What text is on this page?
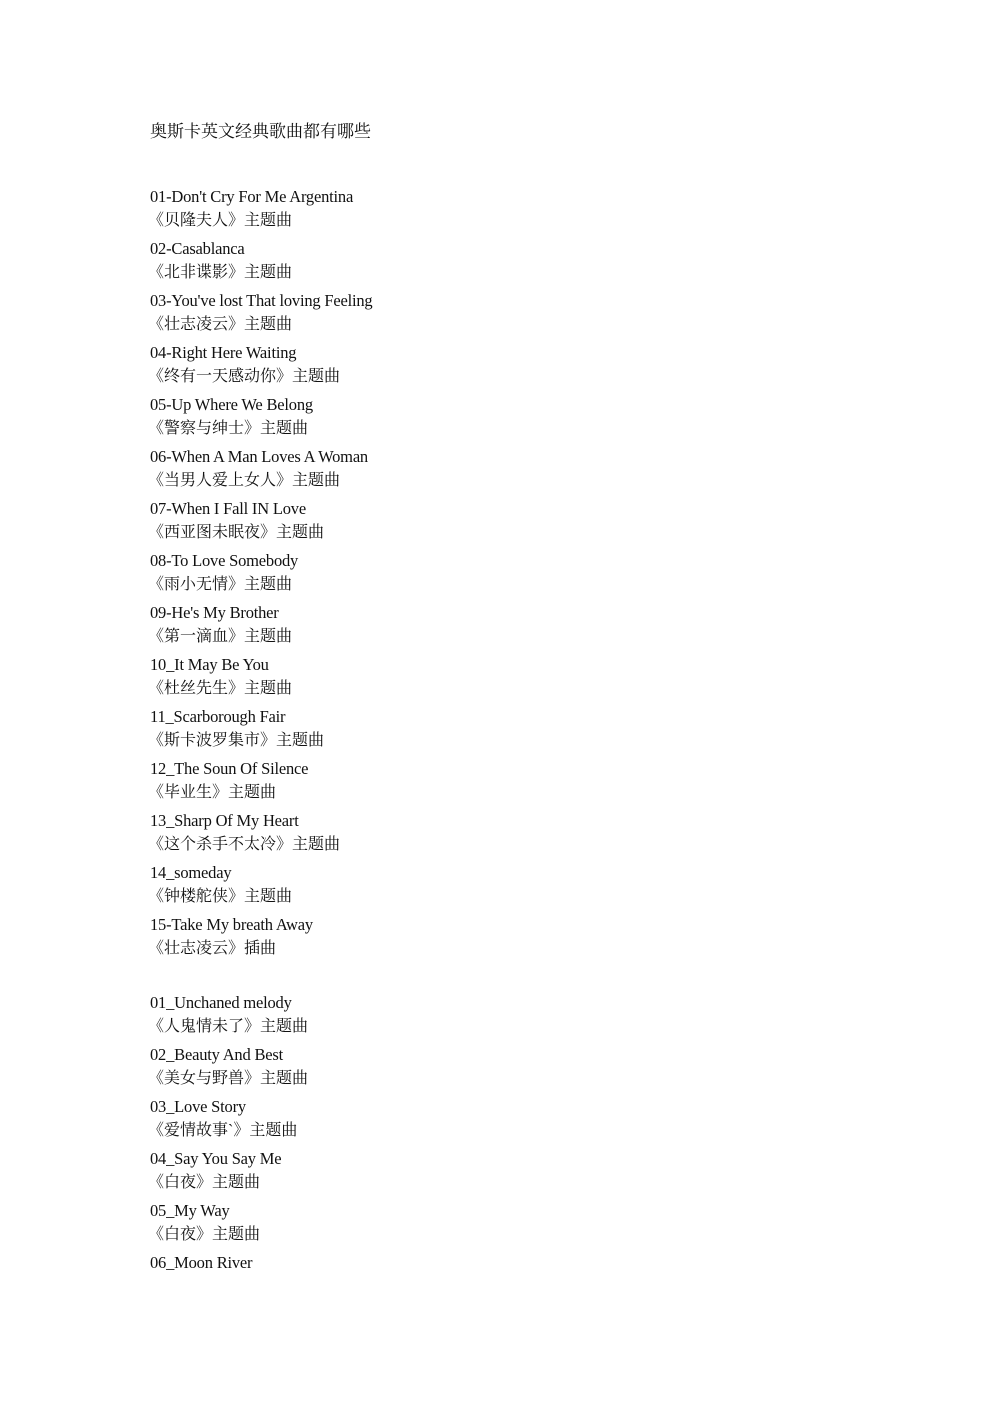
奥斯卡英文经典歌曲都有哪些
01-Don't Cry For Me Argentina
《贝隆夫人》主题曲
02-Casablanca
《北非谍影》主题曲
03-You've lost That loving Feeling
《壮志凌云》主题曲
04-Right Here Waiting
《终有一天感动你》主题曲
05-Up Where We Belong
《警察与绅士》主题曲
06-When A Man Loves A Woman
《当男人爱上女人》主题曲
07-When I Fall IN Love
《西亚图未眠夜》主题曲
08-To Love Somebody
《雨小无情》主题曲
09-He's My Brother
《第一滴血》主题曲
10_It May Be You
《杜丝先生》主题曲
11_Scarborough Fair
《斯卡波罗集市》主题曲
12_The Soun Of Silence
《毕业生》主题曲
13_Sharp Of My Heart
《这个杀手不太冷》主题曲
14_someday
《钟楼舵侠》主题曲
15-Take My breath Away
《壮志凌云》插曲
01_Unchaned melody
《人鬼情未了》主题曲
02_Beauty And Best
《美女与野兽》主题曲
03_Love Story
《爱情故事`》主题曲
04_Say You Say Me
《白夜》主题曲
05_My Way
《白夜》主题曲
06_Moon River
